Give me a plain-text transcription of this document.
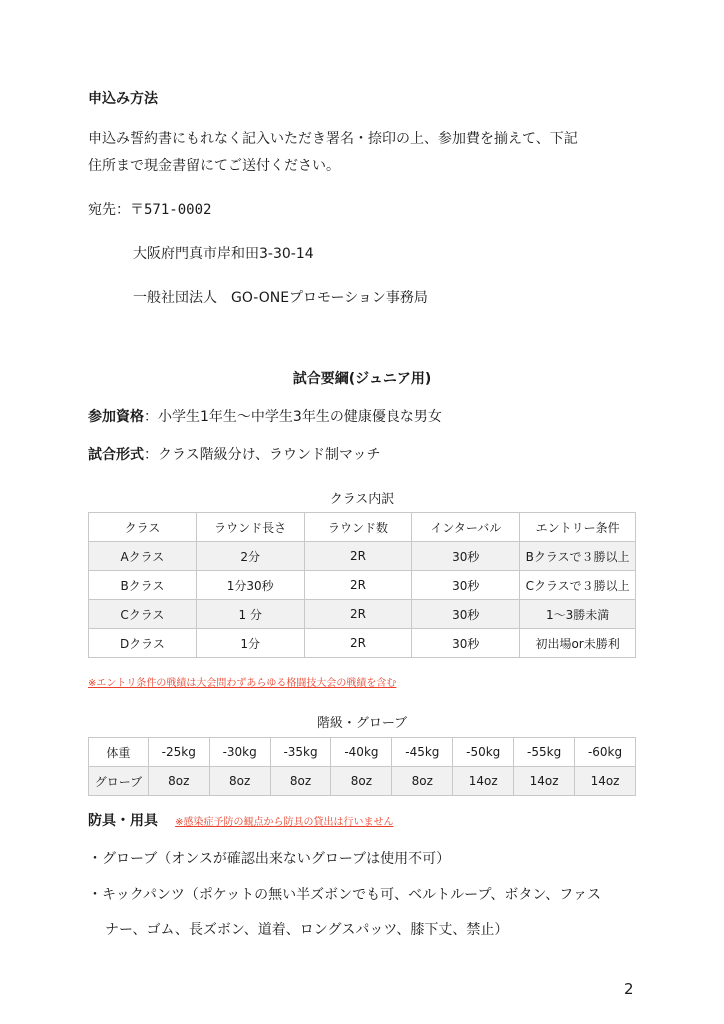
申込み方法
申込み誓約書にもれなく記入いただき署名・捺印の上、参加費を揃えて、下記
住所まで現金書留にてご送付ください。
宛先：〒571-0002
大阪府門真市岸和田3-30-14
一般社団法人　GO-ONEプロモーション事務局
試合要綱(ジュニア用)
参加資格：小学生1年生〜中学生3年生の健康優良な男女
試合形式：クラス階級分け、ラウンド制マッチ
クラス内訳
クラス	ラウンド長さ	ラウンド数	インターバル	エントリー条件
Aクラス	2分	2R	30秒	Bクラスで３勝以上
Bクラス	1分30秒	2R	30秒	Cクラスで３勝以上
Cクラス	1 分	2R	30秒	1〜3勝未満
Dクラス	1分	2R	30秒	初出場or未勝利
※エントリ条件の戦績は大会問わずあらゆる格闘技大会の戦績を含む
階級・グローブ
体重	-25kg	-30kg	-35kg	-40kg	-45kg	-50kg	-55kg	-60kg
グローブ	8oz	8oz	8oz	8oz	8oz	14oz	14oz	14oz
防具・用具 ※感染症予防の観点から防具の貸出は行いません
・グローブ（オンスが確認出来ないグローブは使用不可）
・キックパンツ（ポケットの無い半ズボンでも可、ベルトループ、ボタン、ファス
ナー、ゴム、長ズボン、道着、ロングスパッツ、膝下丈、禁止）
2
